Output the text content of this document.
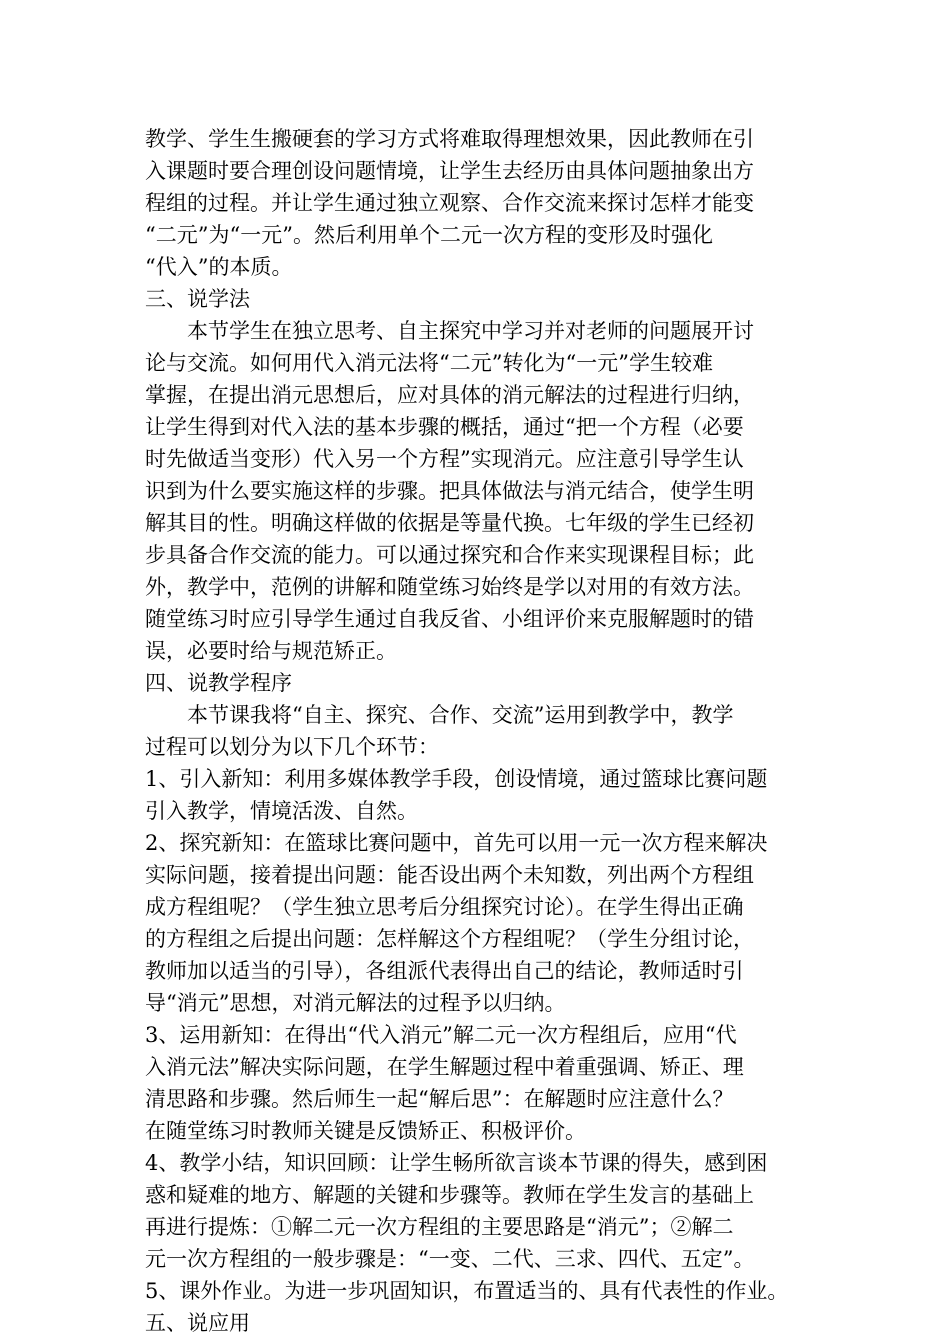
教学、学生生搬硬套的学习方式将难取得理想效果，因此教师在引
入课题时要合理创设问题情境，让学生去经历由具体问题抽象出方
程组的过程。并让学生通过独立观察、合作交流来探讨怎样才能变
“二元”为“一元”。然后利用单个二元一次方程的变形及时强化
“代入”的本质。
三、说学法
本节学生在独立思考、自主探究中学习并对老师的问题展开讨
论与交流。如何用代入消元法将“二元”转化为“一元”学生较难
掌握，在提出消元思想后，应对具体的消元解法的过程进行归纳，
让学生得到对代入法的基本步骤的概括，通过“把一个方程（必要
时先做适当变形）代入另一个方程”实现消元。应注意引导学生认
识到为什么要实施这样的步骤。把具体做法与消元结合，使学生明
解其目的性。明确这样做的依据是等量代换。七年级的学生已经初
步具备合作交流的能力。可以通过探究和合作来实现课程目标；此
外，教学中，范例的讲解和随堂练习始终是学以对用的有效方法。
随堂练习时应引导学生通过自我反省、小组评价来克服解题时的错
误，必要时给与规范矫正。
四、说教学程序
本节课我将“自主、探究、合作、交流”运用到教学中，教学
过程可以划分为以下几个环节：
1、引入新知：利用多媒体教学手段，创设情境，通过篮球比赛问题
引入教学，情境活泼、自然。
2、探究新知：在篮球比赛问题中，首先可以用一元一次方程来解决
实际问题，接着提出问题：能否设出两个未知数，列出两个方程组
成方程组呢？（学生独立思考后分组探究讨论）。在学生得出正确
的方程组之后提出问题：怎样解这个方程组呢？（学生分组讨论，
教师加以适当的引导），各组派代表得出自己的结论，教师适时引
导“消元”思想，对消元解法的过程予以归纳。
3、运用新知：在得出“代入消元”解二元一次方程组后，应用“代
入消元法”解决实际问题，在学生解题过程中着重强调、矫正、理
清思路和步骤。然后师生一起“解后思”：在解题时应注意什么？
在随堂练习时教师关键是反馈矫正、积极评价。
4、教学小结，知识回顾：让学生畅所欲言谈本节课的得失，感到困
惑和疑难的地方、解题的关键和步骤等。教师在学生发言的基础上
再进行提炼：①解二元一次方程组的主要思路是“消元”；②解二
元一次方程组的一般步骤是：“一变、二代、三求、四代、五定”。
5、课外作业。为进一步巩固知识，布置适当的、具有代表性的作业。
五、说应用
